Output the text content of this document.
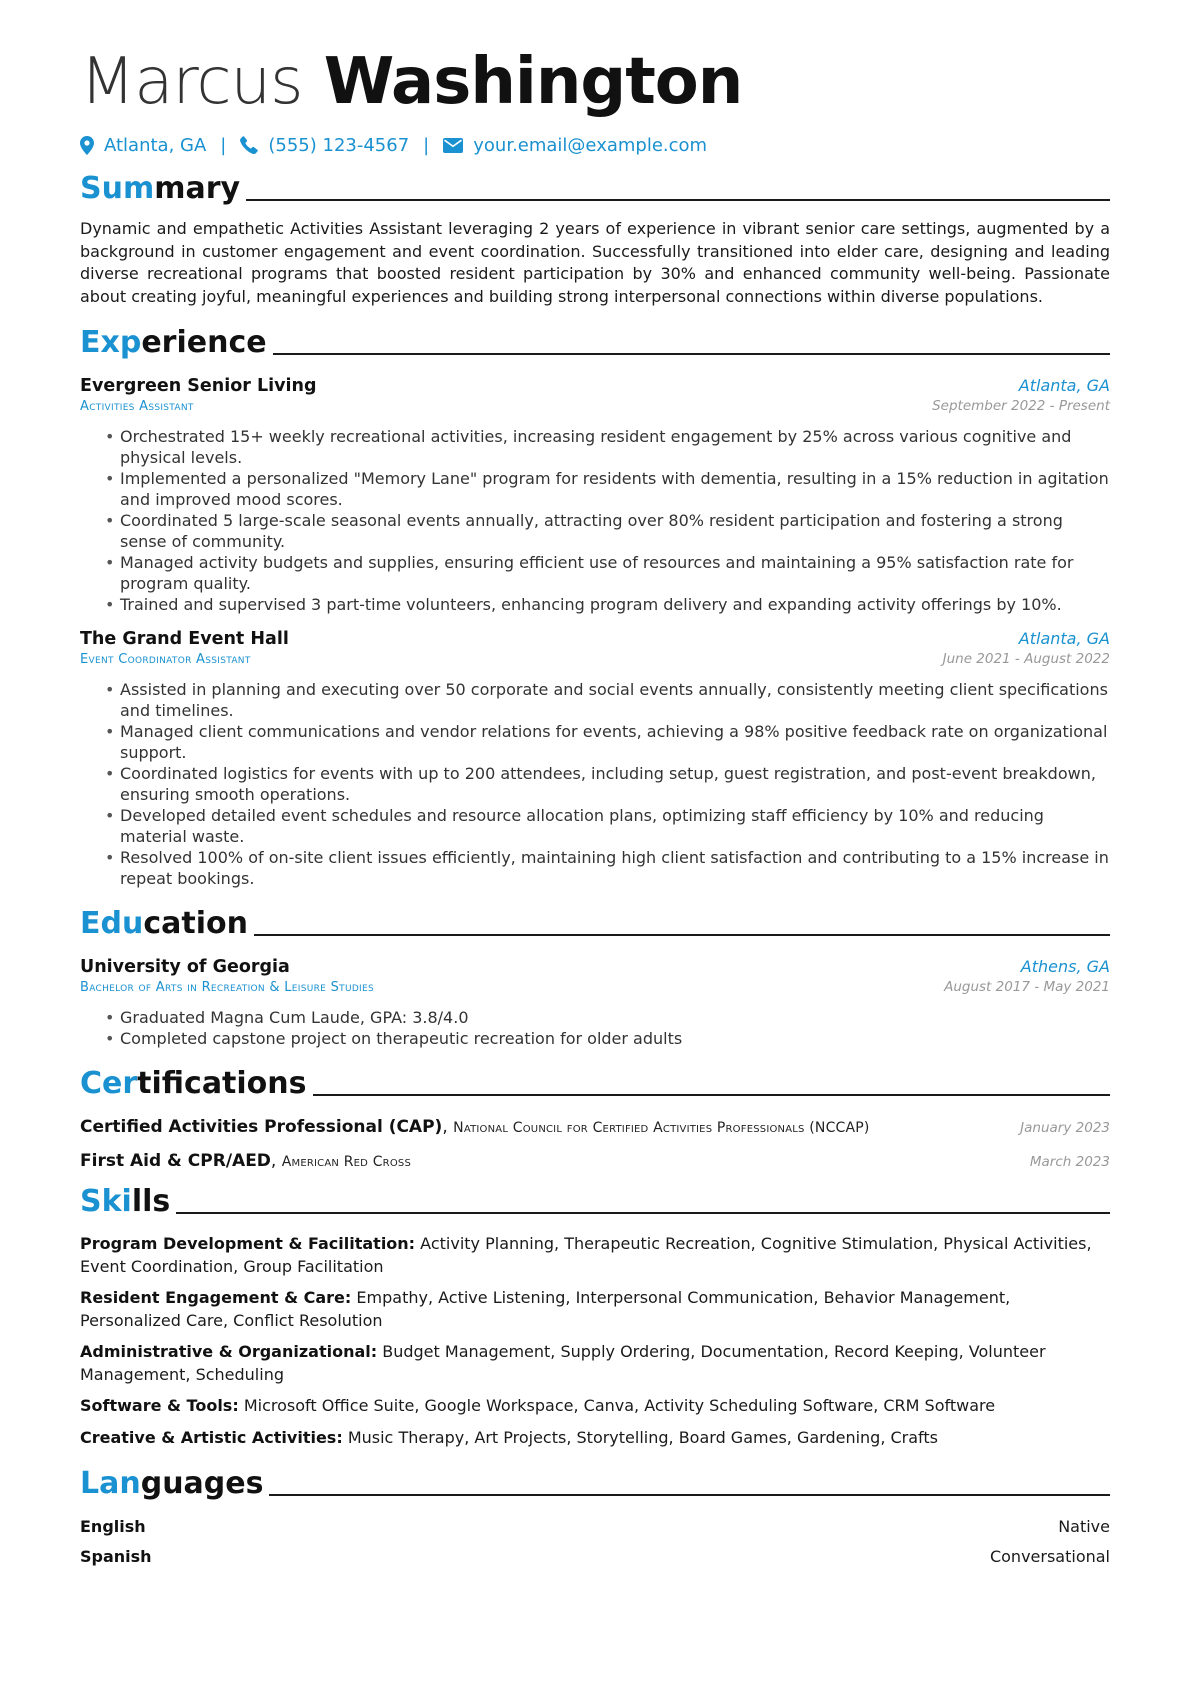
Marcus Washington
Atlanta, GA | (555) 123-4567 | your.email@example.com
Summary

Dynamic and empathetic Activities Assistant leveraging 2 years of experience in vibrant senior care settings, augmented by a background in customer engagement and event coordination. Successfully transitioned into elder care, designing and leading diverse recreational programs that boosted resident participation by 30% and enhanced community well-being. Passionate about creating joyful, meaningful experiences and building strong interpersonal connections within diverse populations.

Experience
Evergreen Senior Living	Atlanta, GA
Activities Assistant	September 2022 - Present
• Orchestrated 15+ weekly recreational activities, increasing resident engagement by 25% across various cognitive and physical levels.
• Implemented a personalized "Memory Lane" program for residents with dementia, resulting in a 15% reduction in agitation and improved mood scores.
• Coordinated 5 large-scale seasonal events annually, attracting over 80% resident participation and fostering a strong sense of community.
• Managed activity budgets and supplies, ensuring efficient use of resources and maintaining a 95% satisfaction rate for program quality.
• Trained and supervised 3 part-time volunteers, enhancing program delivery and expanding activity offerings by 10%.
The Grand Event Hall	Atlanta, GA
Event Coordinator Assistant	June 2021 - August 2022
• Assisted in planning and executing over 50 corporate and social events annually, consistently meeting client specifications and timelines.
• Managed client communications and vendor relations for events, achieving a 98% positive feedback rate on organizational support.
• Coordinated logistics for events with up to 200 attendees, including setup, guest registration, and post-event breakdown, ensuring smooth operations.
• Developed detailed event schedules and resource allocation plans, optimizing staff efficiency by 10% and reducing material waste.
• Resolved 100% of on-site client issues efficiently, maintaining high client satisfaction and contributing to a 15% increase in repeat bookings.
Education
University of Georgia	Athens, GA
Bachelor of Arts in Recreation & Leisure Studies	August 2017 - May 2021
• Graduated Magna Cum Laude, GPA: 3.8/4.0
• Completed capstone project on therapeutic recreation for older adults
Certifications
Certified Activities Professional (CAP), National Council for Certified Activities Professionals (NCCAP)	January 2023
First Aid & CPR/AED, American Red Cross	March 2023
Skills
Program Development & Facilitation: Activity Planning, Therapeutic Recreation, Cognitive Stimulation, Physical Activities, Event Coordination, Group Facilitation
Resident Engagement & Care: Empathy, Active Listening, Interpersonal Communication, Behavior Management, Personalized Care, Conflict Resolution
Administrative & Organizational: Budget Management, Supply Ordering, Documentation, Record Keeping, Volunteer Management, Scheduling
Software & Tools: Microsoft Office Suite, Google Workspace, Canva, Activity Scheduling Software, CRM Software
Creative & Artistic Activities: Music Therapy, Art Projects, Storytelling, Board Games, Gardening, Crafts
Languages
English	Native
Spanish	Conversational
